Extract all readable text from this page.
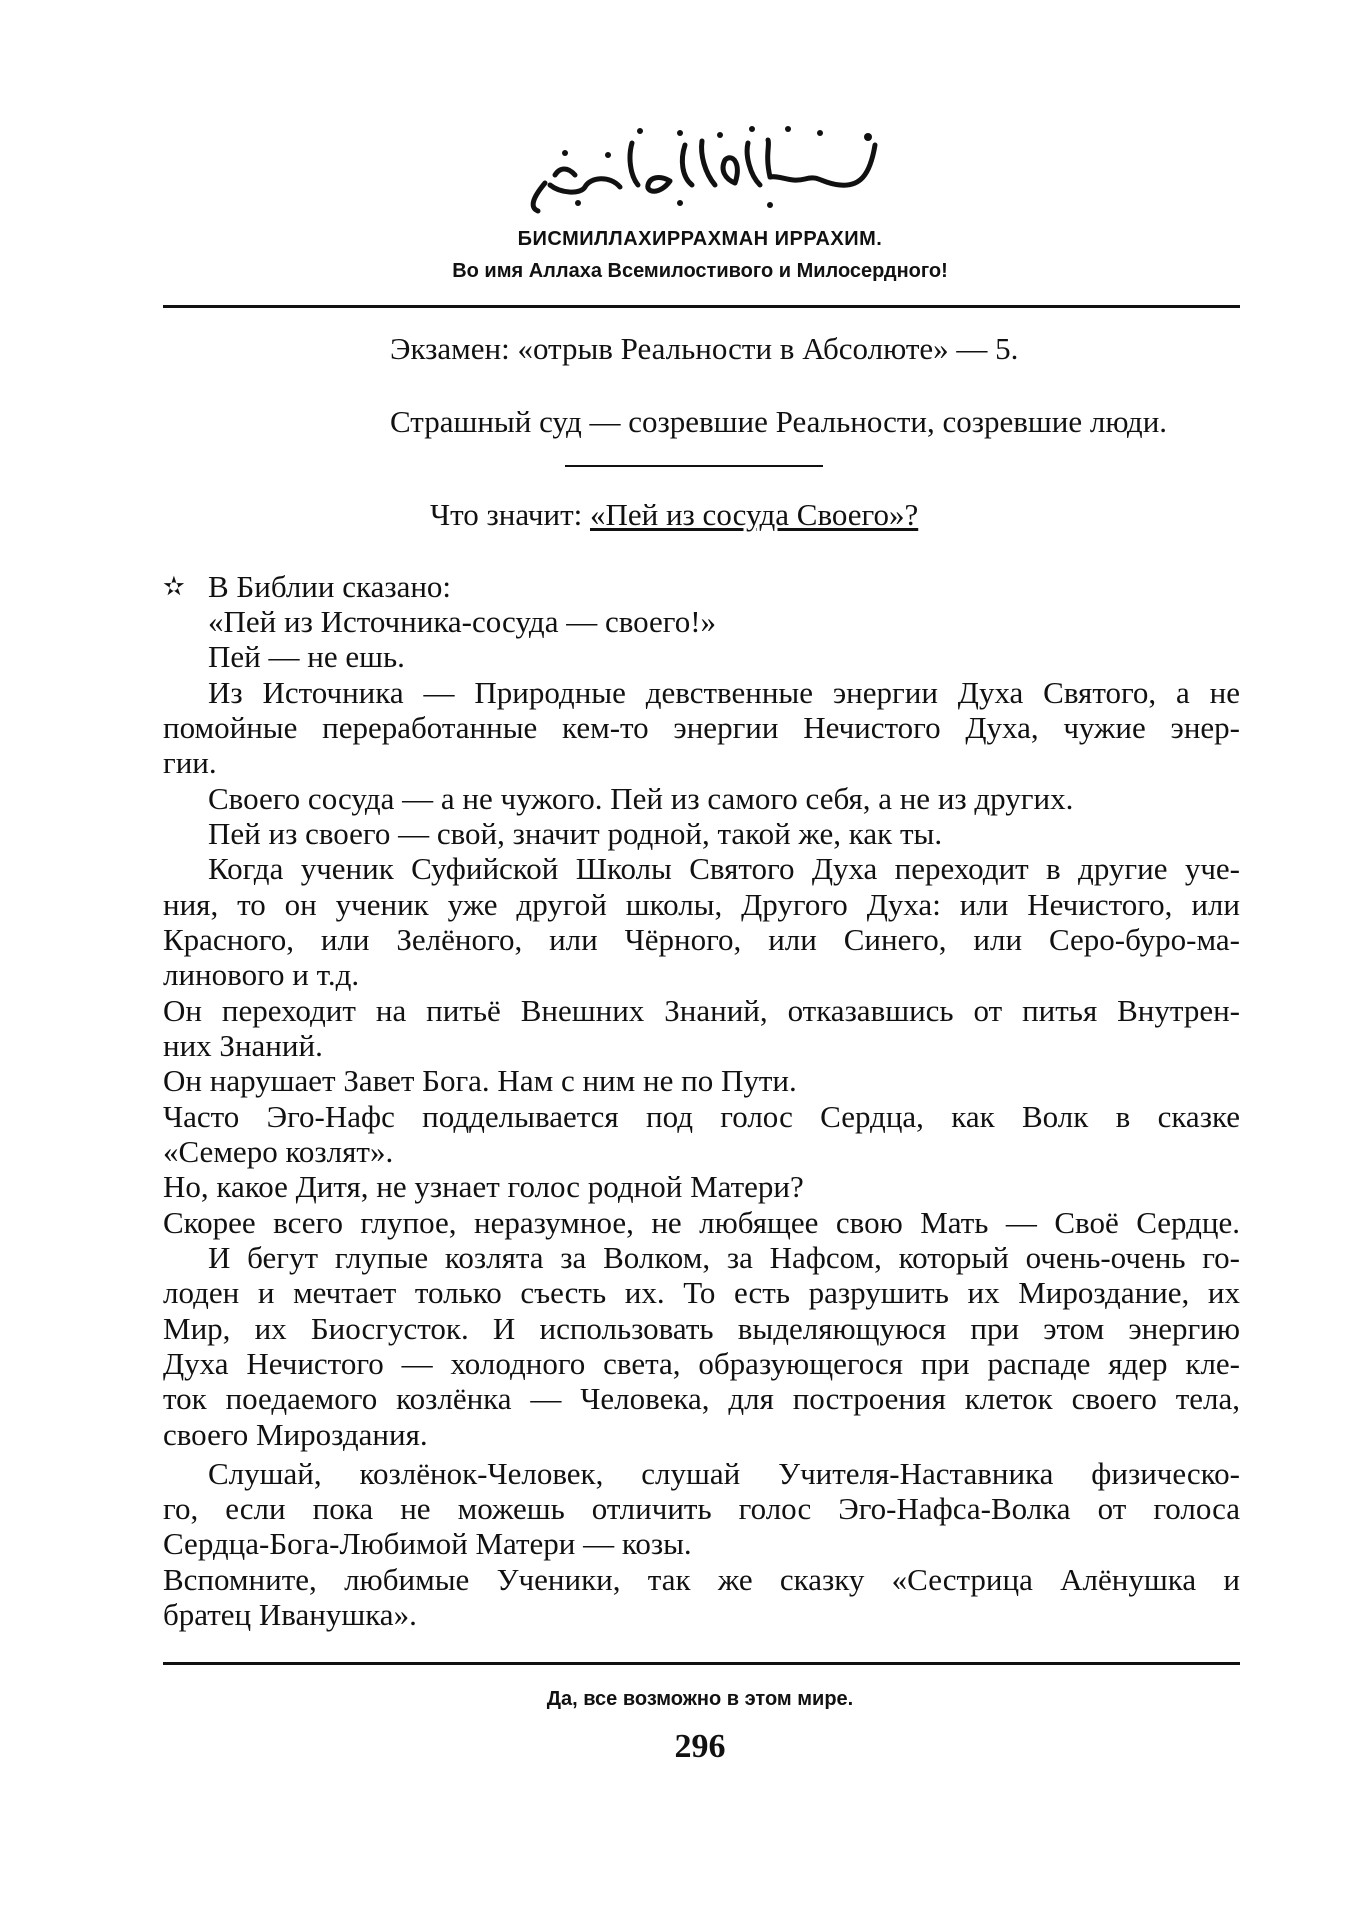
БИСМИЛЛАХИРРАХМАН ИРРАХИМ.
Во имя Аллаха Всемилостивого и Милосердного!
Экзамен: «отрыв Реальности в Абсолюте» — 5.
Страшный суд — созревшие Реальности, созревшие люди.
Что значит: «Пей из сосуда Своего»?
✫ В Библии сказано:
«Пей из Источника-сосуда — своего!»
Пей — не ешь.
Из Источника — Природные девственные энергии Духа Святого, а не
помойные переработанные кем-то энергии Нечистого Духа, чужие энер-
гии.
Своего сосуда — а не чужого. Пей из самого себя, а не из других.
Пей из своего — свой, значит родной, такой же, как ты.
Когда ученик Суфийской Школы Святого Духа переходит в другие уче-
ния, то он ученик уже другой школы, Другого Духа: или Нечистого, или
Красного, или Зелёного, или Чёрного, или Синего, или Серо-буро-ма-
линового и т.д.
Он переходит на питьё Внешних Знаний, отказавшись от питья Внутрен-
них Знаний.
Он нарушает Завет Бога. Нам с ним не по Пути.
Часто Эго-Нафс подделывается под голос Сердца, как Волк в сказке
«Семеро козлят».
Но, какое Дитя, не узнает голос родной Матери?
Скорее всего глупое, неразумное, не любящее свою Мать — Своё Сердце.
И бегут глупые козлята за Волком, за Нафсом, который очень-очень го-
лоден и мечтает только съесть их. То есть разрушить их Мироздание, их
Мир, их Биосгусток. И использовать выделяющуюся при этом энергию
Духа Нечистого — холодного света, образующегося при распаде ядер кле-
ток поедаемого козлёнка — Человека, для построения клеток своего тела,
своего Мироздания.
Слушай, козлёнок-Человек, слушай Учителя-Наставника физическо-
го, если пока не можешь отличить голос Эго-Нафса-Волка от голоса
Сердца-Бога-Любимой Матери — козы.
Вспомните, любимые Ученики, так же сказку «Сестрица Алёнушка и
братец Иванушка».
Да, все возможно в этом мире.
296
